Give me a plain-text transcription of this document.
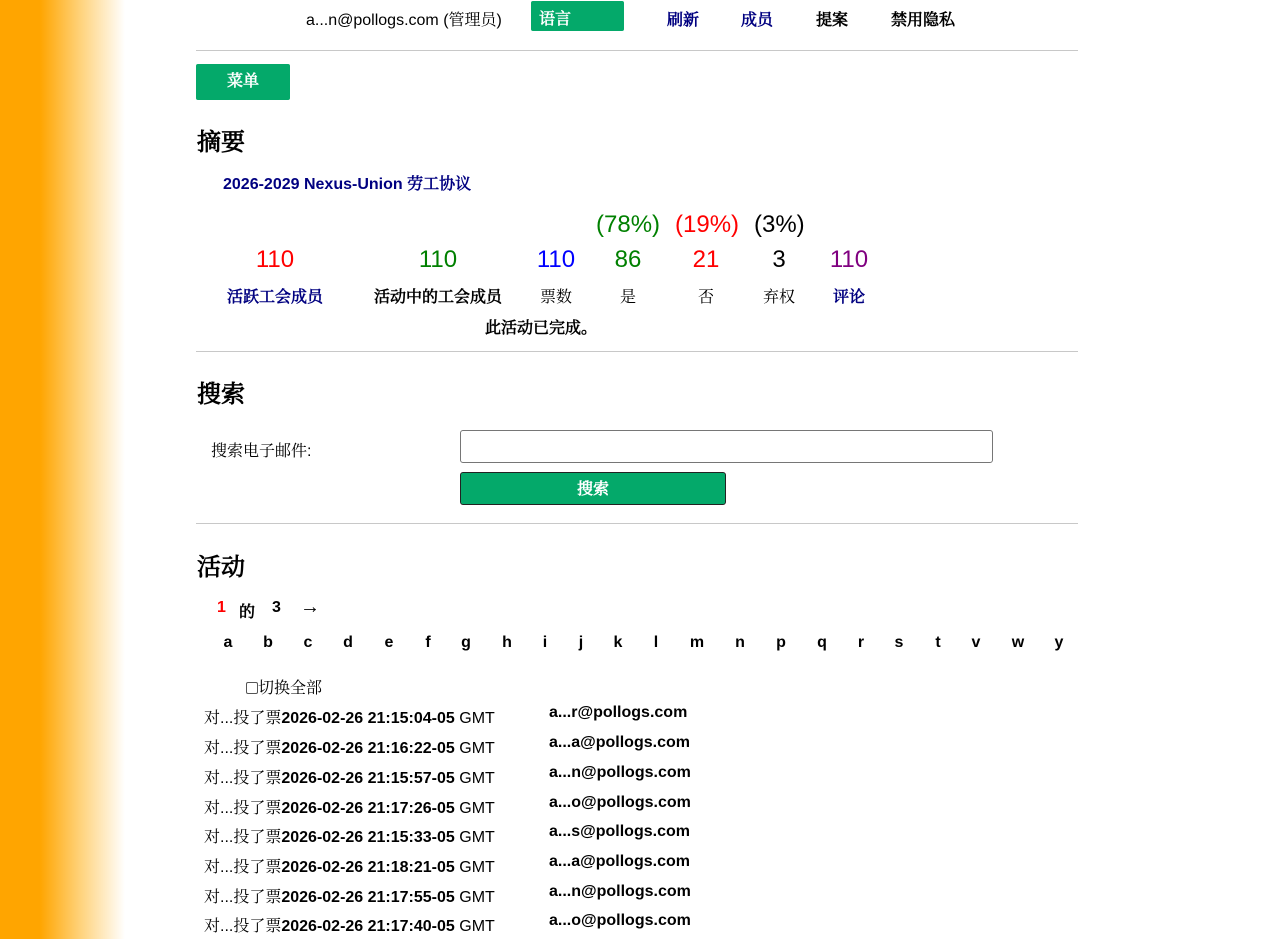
a...n@pollogs.com (管理员)	语言	刷新	成员	提案	禁用隐私
菜单
摘要
2026-2029 Nexus-Union 劳工协议
(78%) (19%) (3%)
110	110	110	86	21	3	110
活跃工会成员	活动中的工会成员	票数	是	否	弃权	评论
此活动已完成。
搜索
搜索电子邮件:
搜索
活动
1 的 3 →
a	b	c	d	e	f	g	h	i	j	k	l	m	n	p	q	r	s	t	v	w	y
切换全部
对...投了票2026-02-26 21:15:04-05 GMT	a...r@pollogs.com
对...投了票2026-02-26 21:16:22-05 GMT	a...a@pollogs.com
对...投了票2026-02-26 21:15:57-05 GMT	a...n@pollogs.com
对...投了票2026-02-26 21:17:26-05 GMT	a...o@pollogs.com
对...投了票2026-02-26 21:15:33-05 GMT	a...s@pollogs.com
对...投了票2026-02-26 21:18:21-05 GMT	a...a@pollogs.com
对...投了票2026-02-26 21:17:55-05 GMT	a...n@pollogs.com
对...投了票2026-02-26 21:17:40-05 GMT	a...o@pollogs.com
